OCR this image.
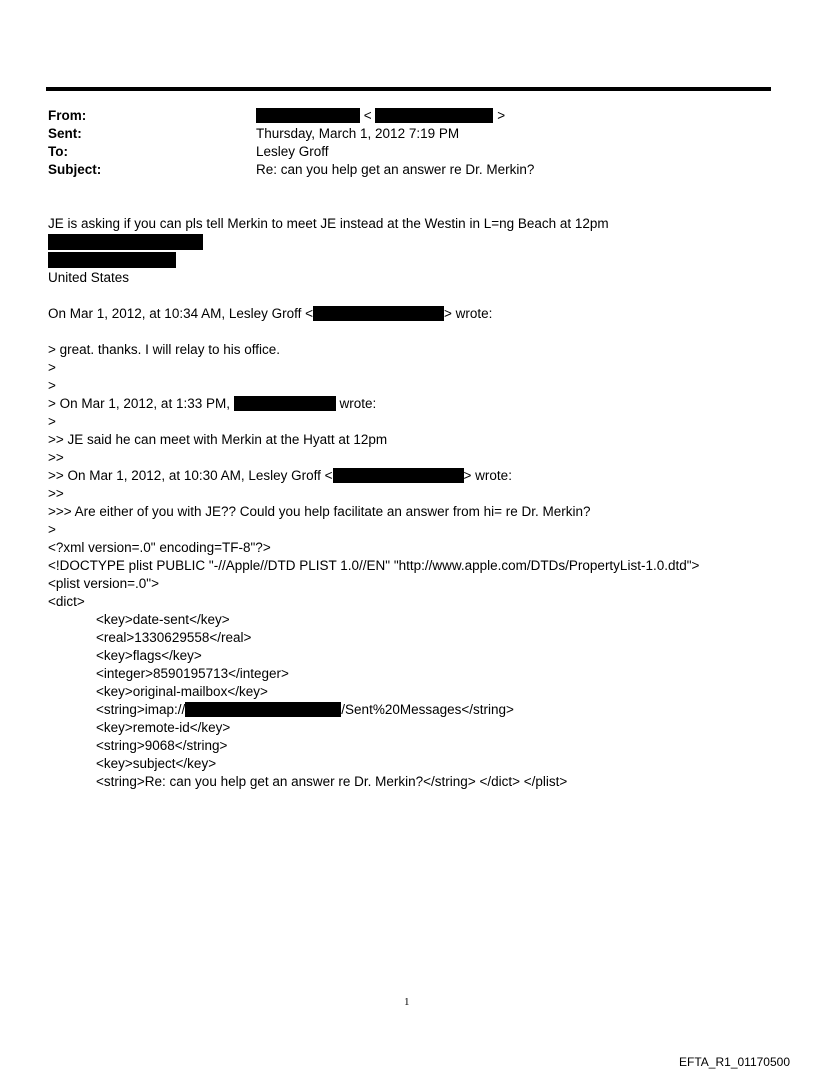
From:	<	>
Sent:	Thursday, March 1, 2012 7:19 PM
To:	Lesley Groff
Subject:	Re: can you help get an answer re Dr. Merkin?
JE is asking if you can pls tell Merkin to meet JE instead at the Westin in L=ng Beach at 12pm
United States
On Mar 1, 2012, at 10:34 AM, Lesley Groff <	> wrote:
> great. thanks. I will relay to his office.
>
>
> On Mar 1, 2012, at 1:33 PM,	wrote:
>
>> JE said he can meet with Merkin at the Hyatt at 12pm
>>
>> On Mar 1, 2012, at 10:30 AM, Lesley Groff <	> wrote:
>>
>>> Are either of you with JE?? Could you help facilitate an answer from hi= re Dr. Merkin?
>
<?xml version=.0" encoding=TF-8"?>
<!DOCTYPE plist PUBLIC "-//Apple//DTD PLIST 1.0//EN" "http://www.apple.com/DTDs/PropertyList-1.0.dtd">
<plist version=.0">
<dict>
<key>date-sent</key>
<real>1330629558</real>
<key>flags</key>
<integer>8590195713</integer>
<key>original-mailbox</key>
<string>imap://	/Sent%20Messages</string>
<key>remote-id</key>
<string>9068</string>
<key>subject</key>
<string>Re: can you help get an answer re Dr. Merkin?</string> </dict> </plist>
1
EFTA_R1_01170500
